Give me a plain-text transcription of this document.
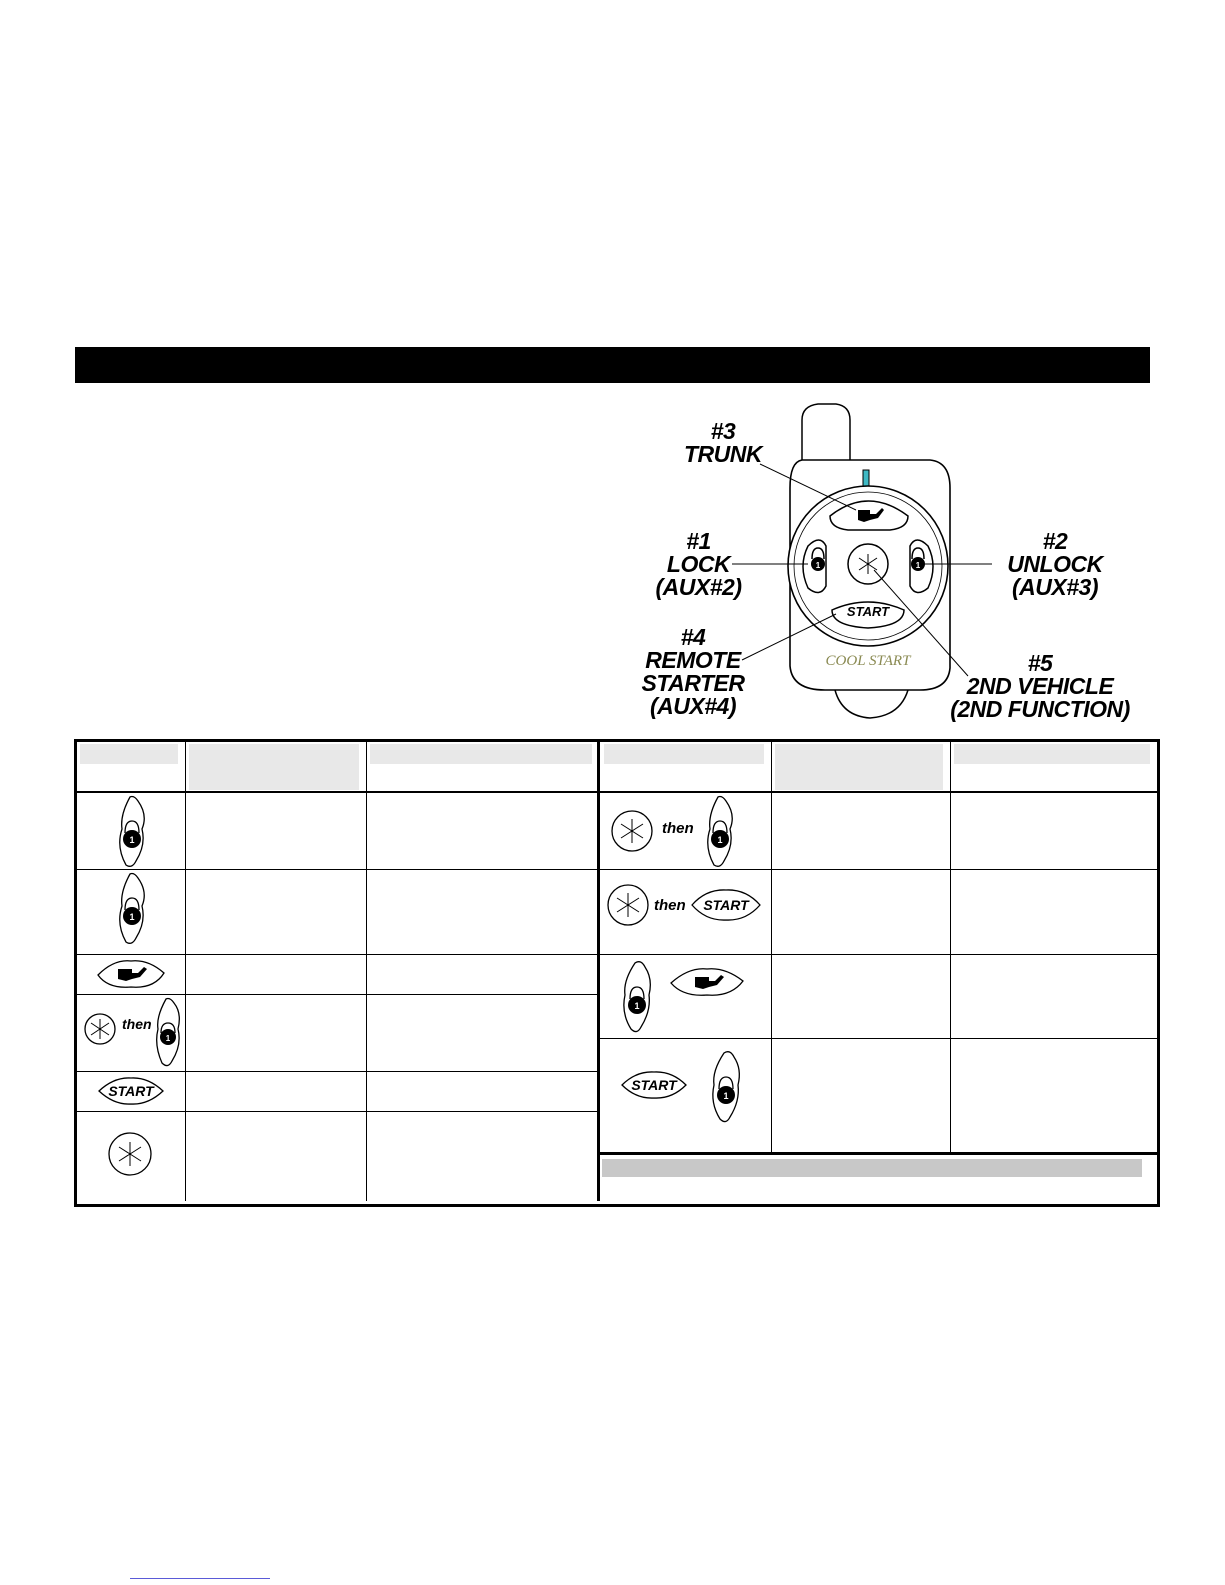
1	1
START
COOL START
#3
TRUNK
#1
LOCK
(AUX#2)
#2
UNLOCK
(AUX#3)
#4
REMOTE
STARTER
(AUX#4)
#5
2ND VEHICLE
(2ND FUNCTION)
1
1
then
1
START
then
1
then START
1
START
1
